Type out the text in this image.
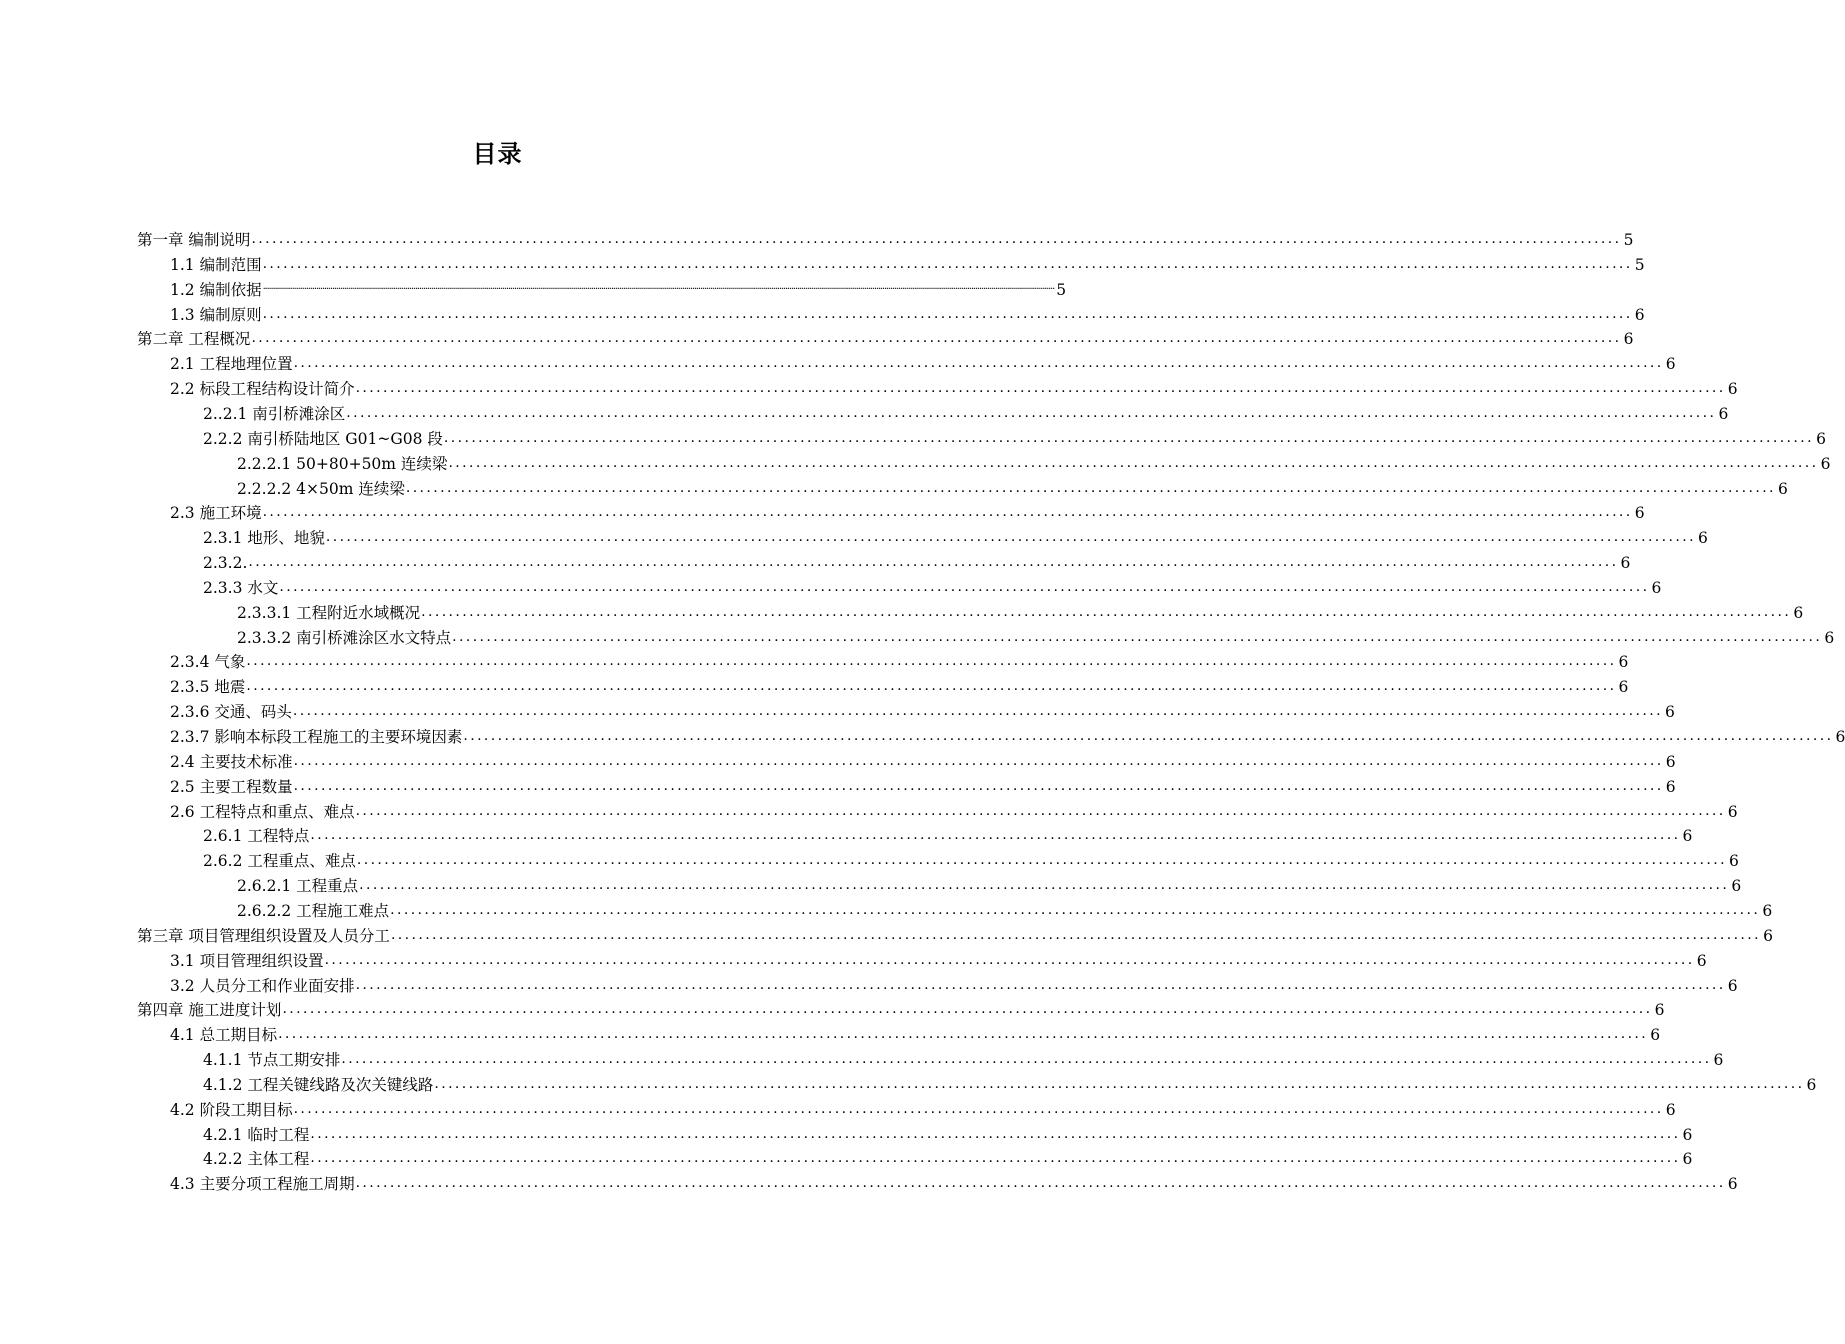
目录
第一章 编制说明 ........................................................................................................................................................................................................ 5
1.1 编制范围 ........................................................................................................................................................................................................ 5
1.2 编制依据 ................................................................................................................................................................................................................................................................................................................................................................................................................ 5
1.3 编制原则 ........................................................................................................................................................................................................ 6
第二章 工程概况 ........................................................................................................................................................................................................ 6
2.1 工程地理位置 ........................................................................................................................................................................................................ 6
2.2 标段工程结构设计简介 ........................................................................................................................................................................................................ 6
2..2.1 南引桥滩涂区 ........................................................................................................................................................................................................ 6
2.2.2 南引桥陆地区 G01~G08 段 ........................................................................................................................................................................................................ 6
2.2.2.1 50+80+50m 连续梁 ........................................................................................................................................................................................................ 6
2.2.2.2 4×50m 连续梁 ........................................................................................................................................................................................................ 6
2.3 施工环境 ........................................................................................................................................................................................................ 6
2.3.1 地形、地貌 ........................................................................................................................................................................................................ 6
2.3.2. ........................................................................................................................................................................................................ 6
2.3.3 水文 ........................................................................................................................................................................................................ 6
2.3.3.1 工程附近水域概况 ........................................................................................................................................................................................................ 6
2.3.3.2 南引桥滩涂区水文特点 ........................................................................................................................................................................................................ 6
2.3.4 气象 ........................................................................................................................................................................................................ 6
2.3.5 地震 ........................................................................................................................................................................................................ 6
2.3.6 交通、码头 ........................................................................................................................................................................................................ 6
2.3.7 影响本标段工程施工的主要环境因素 ........................................................................................................................................................................................................ 6
2.4 主要技术标准 ........................................................................................................................................................................................................ 6
2.5 主要工程数量 ........................................................................................................................................................................................................ 6
2.6 工程特点和重点、难点 ........................................................................................................................................................................................................ 6
2.6.1 工程特点 ........................................................................................................................................................................................................ 6
2.6.2 工程重点、难点 ........................................................................................................................................................................................................ 6
2.6.2.1 工程重点 ........................................................................................................................................................................................................ 6
2.6.2.2 工程施工难点 ........................................................................................................................................................................................................ 6
第三章 项目管理组织设置及人员分工 ........................................................................................................................................................................................................ 6
3.1 项目管理组织设置 ........................................................................................................................................................................................................ 6
3.2 人员分工和作业面安排 ........................................................................................................................................................................................................ 6
第四章 施工进度计划 ........................................................................................................................................................................................................ 6
4.1 总工期目标 ........................................................................................................................................................................................................ 6
4.1.1 节点工期安排 ........................................................................................................................................................................................................ 6
4.1.2 工程关键线路及次关键线路 ........................................................................................................................................................................................................ 6
4.2 阶段工期目标 ........................................................................................................................................................................................................ 6
4.2.1 临时工程 ........................................................................................................................................................................................................ 6
4.2.2 主体工程 ........................................................................................................................................................................................................ 6
4.3 主要分项工程施工周期 ........................................................................................................................................................................................................ 6
